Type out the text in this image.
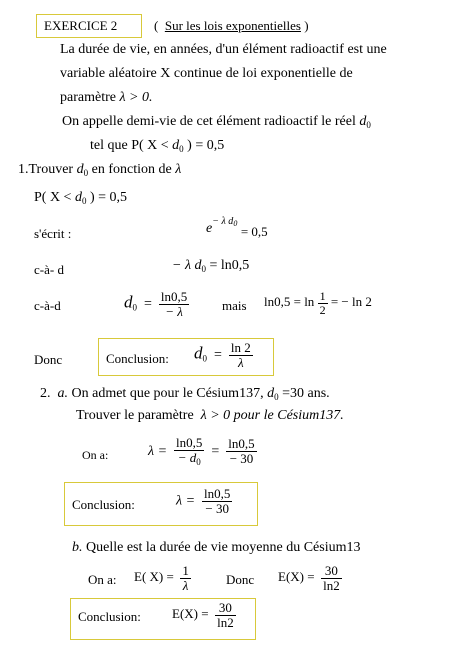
EXERCICE 2	( Sur les lois exponentielles )
La durée de vie, en années, d'un élément radioactif est une
variable aléatoire X continue de loi exponentielle de
paramètre λ > 0.
On appelle demi-vie de cet élément radioactif le réel $d_0$
tel que P( $X < d_0$ ) = 0,5
1.Trouver $d_0$ en fonction de λ
P( $X < d_0$ ) = 0,5
s'écrit :	$e^{- \lambda d_0} = 0,5$
c-à- d	− λ $d_0 = \ln 0,5$
c-à-d	$d_0 = \frac{\ln 0,5}{- \lambda}$	mais $\ln 0,5 = \ln \frac{1}{2}$ = − ln 2
Donc	Conclusion: $d_0 = \frac{\ln 2}{\lambda}$
2. a. On admet que pour le Césium137, $d_0 =30$ ans.
Trouver le paramètre λ > 0 pour le Césium137.
On a:	$\lambda = \frac{\ln 0,5}{- d_0} = \frac{\ln 0,5}{- 30}$
Conclusion:	$\lambda = \frac{\ln 0,5}{- 30}$
b. Quelle est la durée de vie moyenne du Césium13
On a: E( $X) = \frac{1}{\lambda}$	Donc $E(X) = \frac{30}{\ln 2}$
Conclusion: $E(X) = \frac{30}{\ln 2}$
